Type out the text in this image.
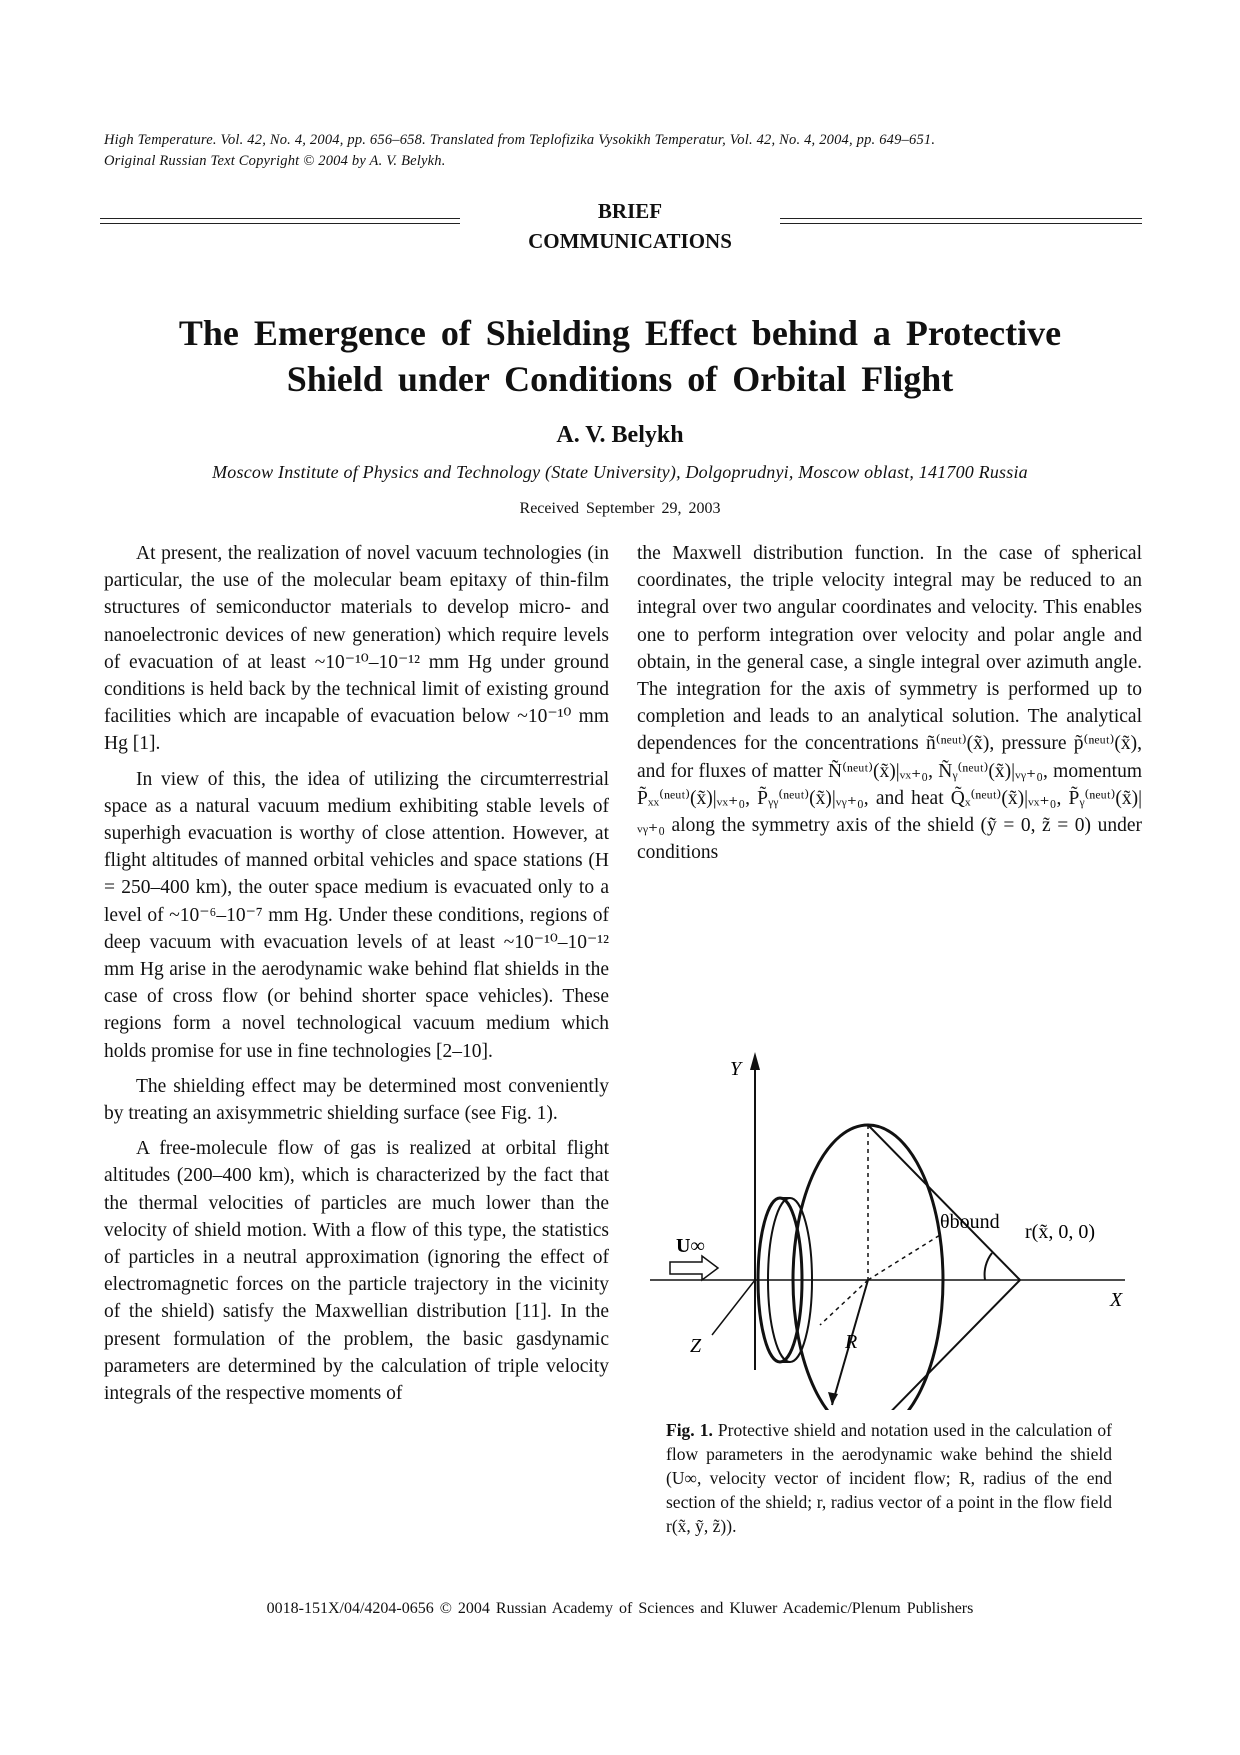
High Temperature. Vol. 42, No. 4, 2004, pp. 656–658. Translated from Teplofizika Vysokikh Temperatur, Vol. 42, No. 4, 2004, pp. 649–651.
Original Russian Text Copyright © 2004 by A. V. Belykh.
BRIEF
COMMUNICATIONS
The Emergence of Shielding Effect behind a Protective
Shield under Conditions of Orbital Flight
A. V. Belykh
Moscow Institute of Physics and Technology (State University), Dolgoprudnyi, Moscow oblast, 141700 Russia
Received September 29, 2003

At present, the realization of novel vacuum technologies (in particular, the use of the molecular beam epitaxy of thin-film structures of semiconductor materials to develop micro- and nanoelectronic devices of new generation) which require levels of evacuation of at least ~10⁻¹⁰–10⁻¹² mm Hg under ground conditions is held back by the technical limit of existing ground facilities which are incapable of evacuation below ~10⁻¹⁰ mm Hg [1].

In view of this, the idea of utilizing the circumterrestrial space as a natural vacuum medium exhibiting stable levels of superhigh evacuation is worthy of close attention. However, at flight altitudes of manned orbital vehicles and space stations (H = 250–400 km), the outer space medium is evacuated only to a level of ~10⁻⁶–10⁻⁷ mm Hg. Under these conditions, regions of deep vacuum with evacuation levels of at least ~10⁻¹⁰–10⁻¹² mm Hg arise in the aerodynamic wake behind flat shields in the case of cross flow (or behind shorter space vehicles). These regions form a novel technological vacuum medium which holds promise for use in fine technologies [2–10].

The shielding effect may be determined most conveniently by treating an axisymmetric shielding surface (see Fig. 1).

A free-molecule flow of gas is realized at orbital flight altitudes (200–400 km), which is characterized by the fact that the thermal velocities of particles are much lower than the velocity of shield motion. With a flow of this type, the statistics of particles in a neutral approximation (ignoring the effect of electromagnetic forces on the particle trajectory in the vicinity of the shield) satisfy the Maxwellian distribution [11]. In the present formulation of the problem, the basic gasdynamic parameters are determined by the calculation of triple velocity integrals of the respective moments of

the Maxwell distribution function. In the case of spherical coordinates, the triple velocity integral may be reduced to an integral over two angular coordinates and velocity. This enables one to perform integration over velocity and polar angle and obtain, in the general case, a single integral over azimuth angle. The integration for the axis of symmetry is performed up to completion and leads to an analytical solution. The analytical dependences for the concentrations ñ⁽ⁿᵉᵘᵗ⁾(x̃), pressure p̃⁽ⁿᵉᵘᵗ⁾(x̃), and for fluxes of matter Ñ⁽ⁿᵉᵘᵗ⁾(x̃)|ᵥₓ₊₀, Ñᵧ⁽ⁿᵉᵘᵗ⁾(x̃)|ᵥᵧ₊₀, momentum P̃ₓₓ⁽ⁿᵉᵘᵗ⁾(x̃)|ᵥₓ₊₀, P̃ᵧᵧ⁽ⁿᵉᵘᵗ⁾(x̃)|ᵥᵧ₊₀, and heat Q̃ₓ⁽ⁿᵉᵘᵗ⁾(x̃)|ᵥₓ₊₀, P̃ᵧ⁽ⁿᵉᵘᵗ⁾(x̃)|ᵥᵧ₊₀ along the symmetry axis of the shield (ỹ = 0, z̃ = 0) under conditions

Y
X
Z
U∞
R
θbound r(x̃, 0, 0)
Fig. 1. Protective shield and notation used in the calculation of flow parameters in the aerodynamic wake behind the shield (U∞, velocity vector of incident flow; R, radius of the end section of the shield; r, radius vector of a point in the flow field r(x̃, ỹ, z̃)).
0018-151X/04/4204-0656 © 2004 Russian Academy of Sciences and Kluwer Academic/Plenum Publishers
